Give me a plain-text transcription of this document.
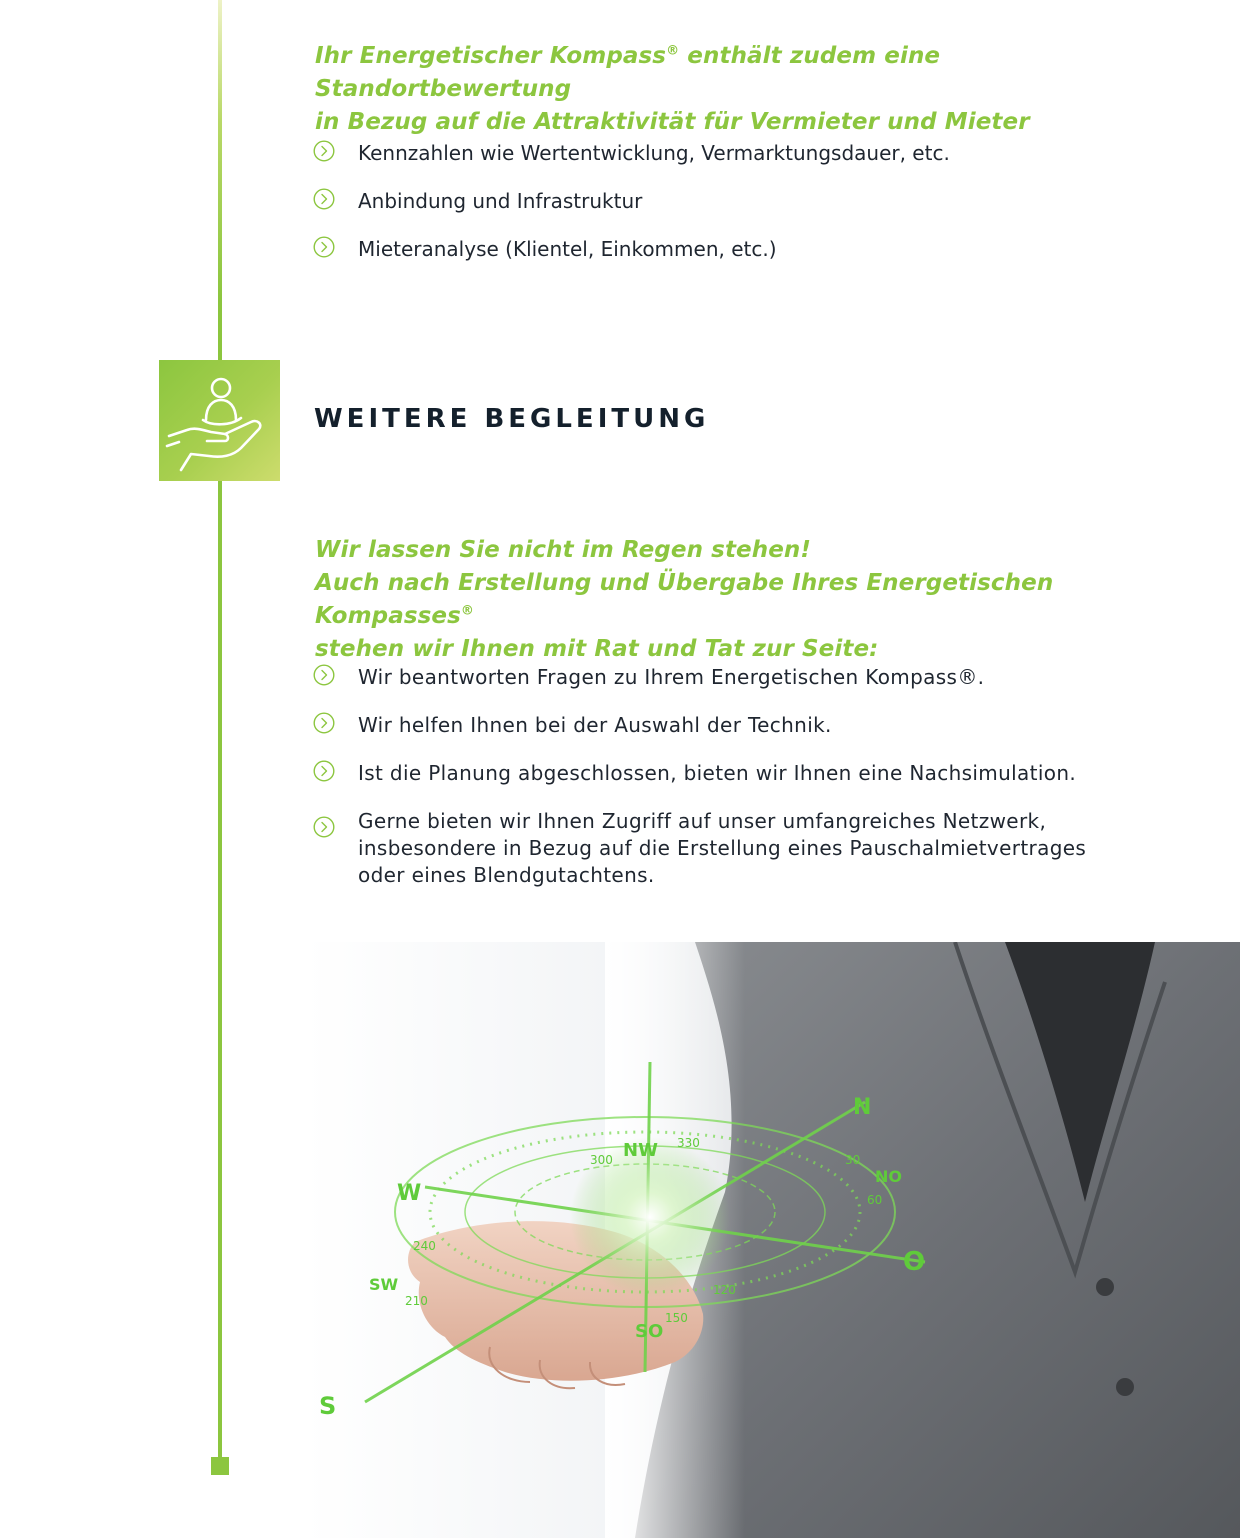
Ihr Energetischer Kompass® enthält zudem eine Standortbewertung
in Bezug auf die Attraktivität für Vermieter und Mieter

Kennzahlen wie Wertentwicklung, Vermarktungsdauer, etc.
Anbindung und Infrastruktur
Mieteranalyse (Klientel, Einkommen, etc.)
WEITERE BEGLEITUNG

Wir lassen Sie nicht im Regen stehen!
Auch nach Erstellung und Übergabe Ihres Energetischen Kompasses®
stehen wir Ihnen mit Rat und Tat zur Seite:

Wir beantworten Fragen zu Ihrem Energetischen Kompass®.
Wir helfen Ihnen bei der Auswahl der Technik.
Ist die Planung abgeschlossen, bieten wir Ihnen eine Nachsimulation.
Gerne bieten wir Ihnen Zugriff auf unser umfangreiches Netzwerk,
insbesondere in Bezug auf die Erstellung eines Pauschalmietvertrages
oder eines Blendgutachtens.
N
O
S
W
NW
SW
SO
NO
300
330
30
60
120
150
210
240
